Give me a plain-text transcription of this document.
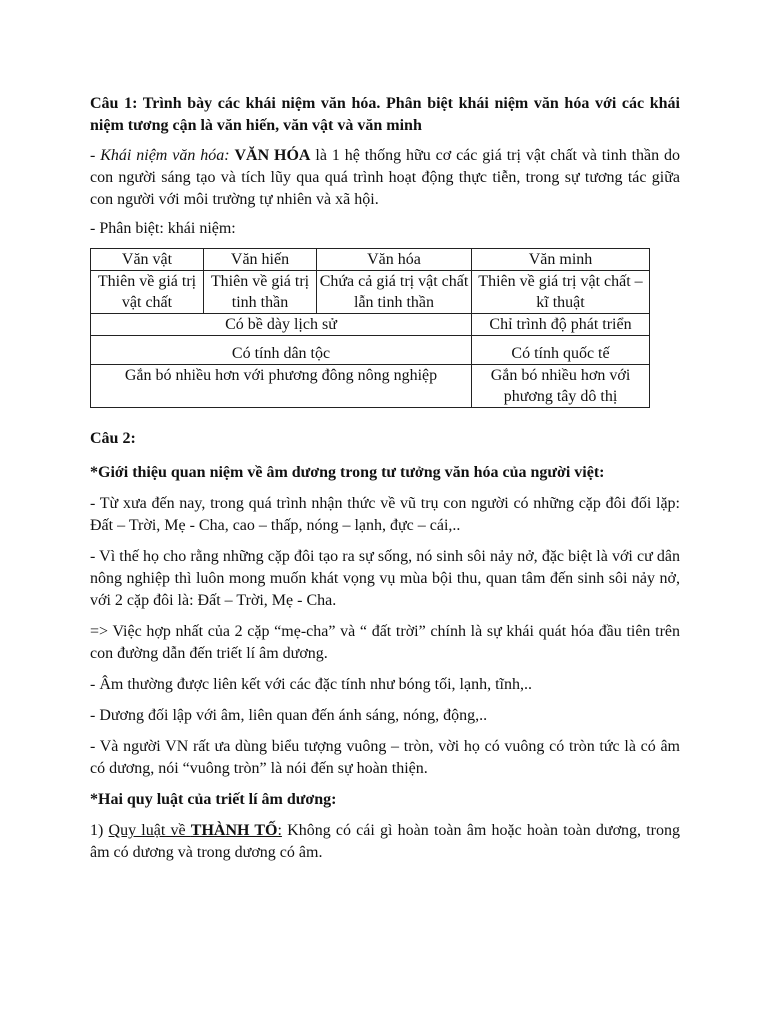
Câu 1: Trình bày các khái niệm văn hóa. Phân biệt khái niệm văn hóa với các khái niệm tương cận là văn hiến, văn vật và văn minh

- Khái niệm văn hóa: VĂN HÓA là 1 hệ thống hữu cơ các giá trị vật chất và tinh thần do con người sáng tạo và tích lũy qua quá trình hoạt động thực tiễn, trong sự tương tác giữa con người với môi trường tự nhiên và xã hội.

- Phân biệt: khái niệm:

Văn vật	Văn hiến	Văn hóa	Văn minh
Thiên về giá trị vật chất	Thiên về giá trị tinh thần	Chứa cả giá trị vật chất lẫn tinh thần	Thiên về giá trị vật chất – kĩ thuật
Có bề dày lịch sử			Chỉ trình độ phát triển
Có tính dân tộc			Có tính quốc tế
Gắn bó nhiều hơn với phương đông nông nghiệp			Gắn bó nhiều hơn với phương tây dô thị

Câu 2:

*Giới thiệu quan niệm về âm dương trong tư tưởng văn hóa của người việt:

- Từ xưa đến nay, trong quá trình nhận thức về vũ trụ con người có những cặp đôi đối lặp: Đất – Trời, Mẹ - Cha, cao – thấp, nóng – lạnh, đực – cái,..

- Vì thế họ cho rằng những cặp đôi tạo ra sự sống, nó sinh sôi nảy nở, đặc biệt là với cư dân nông nghiệp thì luôn mong muốn khát vọng vụ mùa bội thu, quan tâm đến sinh sôi nảy nở, với 2 cặp đôi là: Đất – Trời, Mẹ - Cha.

=> Việc hợp nhất của 2 cặp “mẹ-cha” và “ đất trời” chính là sự khái quát hóa đầu tiên trên con đường dẫn đến triết lí âm dương.

- Âm thường được liên kết với các đặc tính như bóng tối, lạnh, tĩnh,..

- Dương đối lập với âm, liên quan đến ánh sáng, nóng, động,..

- Và người VN rất ưa dùng biểu tượng vuông – tròn, vời họ có vuông có tròn tức là có âm có dương, nói “vuông tròn” là nói đến sự hoàn thiện.

*Hai quy luật của triết lí âm dương:

1) Quy luật về THÀNH TỐ: Không có cái gì hoàn toàn âm hoặc hoàn toàn dương, trong âm có dương và trong dương có âm.
